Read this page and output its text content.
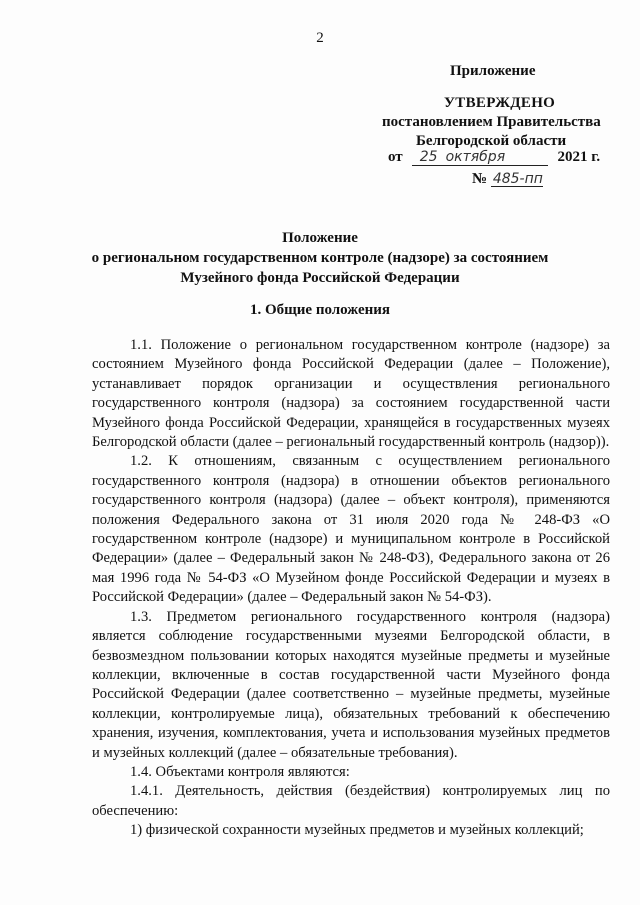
2
Приложение
УТВЕРЖДЕНО
постановлением Правительства
Белгородской области
от 25 октября	2021 г.
№ 485-пп
Положение
о региональном государственном контроле (надзоре) за состоянием
Музейного фонда Российской Федерации
1. Общие положения

1.1. Положение о региональном государственном контроле (надзоре) за состоянием Музейного фонда Российской Федерации (далее – Положение), устанавливает порядок организации и осуществления регионального государственного контроля (надзора) за состоянием государственной части Музейного фонда Российской Федерации, хранящейся в государственных музеях Белгородской области (далее – региональный государственный контроль (надзор)).

1.2. К отношениям, связанным с осуществлением регионального государственного контроля (надзора) в отношении объектов регионального государственного контроля (надзора) (далее – объект контроля), применяются положения Федерального закона от 31 июля 2020 года № 248-ФЗ «О государственном контроле (надзоре) и муниципальном контроле в Российской Федерации» (далее – Федеральный закон № 248-ФЗ), Федерального закона от 26 мая 1996 года № 54-ФЗ «О Музейном фонде Российской Федерации и музеях в Российской Федерации» (далее – Федеральный закон № 54-ФЗ).

1.3. Предметом регионального государственного контроля (надзора) является соблюдение государственными музеями Белгородской области, в безвозмездном пользовании которых находятся музейные предметы и музейные коллекции, включенные в состав государственной части Музейного фонда Российской Федерации (далее соответственно – музейные предметы, музейные коллекции, контролируемые лица), обязательных требований к обеспечению хранения, изучения, комплектования, учета и использования музейных предметов и музейных коллекций (далее – обязательные требования).

1.4. Объектами контроля являются:

1.4.1. Деятельность, действия (бездействия) контролируемых лиц по обеспечению:

1) физической сохранности музейных предметов и музейных коллекций;
